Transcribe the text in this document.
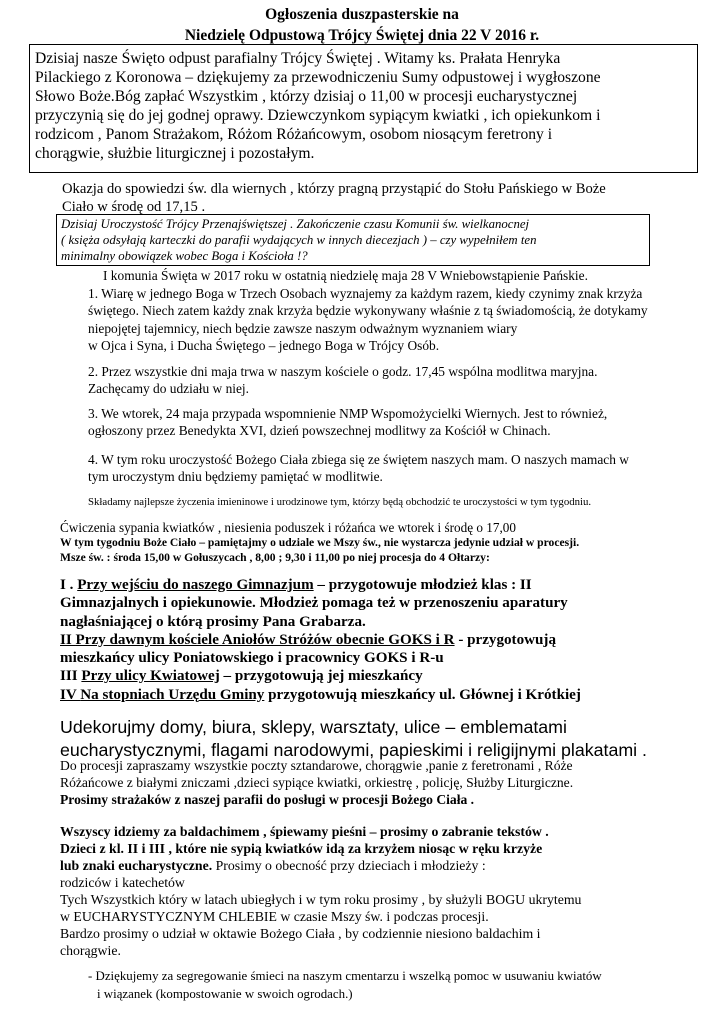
Ogłoszenia duszpasterskie na
Niedzielę Odpustową Trójcy Świętej dnia 22 V 2016 r.
Dzisiaj nasze Święto odpust parafialny Trójcy Świętej . Witamy ks. Prałata Henryka
Pilackiego z Koronowa – dziękujemy za przewodniczeniu Sumy odpustowej i wygłoszone
Słowo Boże.Bóg zapłać Wszystkim , którzy dzisiaj o 11,00 w procesji eucharystycznej
przyczynią się do jej godnej oprawy. Dziewczynkom sypiącym kwiatki , ich opiekunkom i
rodzicom , Panom Strażakom, Różom Różańcowym, osobom niosącym feretrony i
chorągwie, służbie liturgicznej i pozostałym.
Okazja do spowiedzi św. dla wiernych , którzy pragną przystąpić do Stołu Pańskiego w Boże
Ciało w środę od 17,15 .
Dzisiaj Uroczystość Trójcy Przenajświętszej . Zakończenie czasu Komunii św. wielkanocnej
( księża odsyłają karteczki do parafii wydających w innych diecezjach ) – czy wypełniłem ten
minimalny obowiązek wobec Boga i Kościoła !?
I komunia Święta w 2017 roku w ostatnią niedzielę maja 28 V Wniebowstąpienie Pańskie.
1. Wiarę w jednego Boga w Trzech Osobach wyznajemy za każdym razem, kiedy czynimy znak krzyża
świętego. Niech zatem każdy znak krzyża będzie wykonywany właśnie z tą świadomością, że dotykamy
niepojętej tajemnicy, niech będzie zawsze naszym odważnym wyznaniem wiary
w Ojca i Syna, i Ducha Świętego – jednego Boga w Trójcy Osób.
2. Przez wszystkie dni maja trwa w naszym kościele o godz. 17,45 wspólna modlitwa maryjna.
Zachęcamy do udziału w niej.
3. We wtorek, 24 maja przypada wspomnienie NMP Wspomożycielki Wiernych. Jest to również,
ogłoszony przez Benedykta XVI, dzień powszechnej modlitwy za Kościół w Chinach.
4. W tym roku uroczystość Bożego Ciała zbiega się ze świętem naszych mam. O naszych mamach w
tym uroczystym dniu będziemy pamiętać w modlitwie.
Składamy najlepsze życzenia imieninowe i urodzinowe tym, którzy będą obchodzić te uroczystości w tym tygodniu.
Ćwiczenia sypania kwiatków , niesienia poduszek i różańca we wtorek i środę o 17,00
W tym tygodniu Boże Ciało – pamiętajmy o udziale we Mszy św., nie wystarcza jedynie udział w procesji.
Msze św. : środa 15,00 w Gołuszycach , 8,00 ; 9,30 i 11,00 po niej procesja do 4 Ołtarzy:

I . Przy wejściu do naszego Gimnazjum – przygotowuje młodzież klas : II

Gimnazjalnych i opiekunowie. Młodzież pomaga też w przenoszeniu aparatury

nagłaśniającej o którą prosimy Pana Grabarza.

II Przy dawnym kościele Aniołów Stróżów obecnie GOKS i R - przygotowują

mieszkańcy ulicy Poniatowskiego i pracownicy GOKS i R-u

III Przy ulicy Kwiatowej – przygotowują jej mieszkańcy

IV Na stopniach Urzędu Gminy przygotowują mieszkańcy ul. Głównej i Krótkiej

Udekorujmy domy, biura, sklepy, warsztaty, ulice – emblematami
eucharystycznymi, flagami narodowymi, papieskimi i religijnymi plakatami .
Do procesji zapraszamy wszystkie poczty sztandarowe, chorągwie ,panie z feretronami , Róże
Różańcowe z białymi zniczami ,dzieci sypiące kwiatki, orkiestrę , policję, Służby Liturgiczne.
Prosimy strażaków z naszej parafii do posługi w procesji Bożego Ciała .

Wszyscy idziemy za baldachimem , śpiewamy pieśni – prosimy o zabranie tekstów .

Dzieci z kl. II i III , które nie sypią kwiatków idą za krzyżem niosąc w ręku krzyże

lub znaki eucharystyczne. Prosimy o obecność przy dzieciach i młodzieży :

rodziców i katechetów

Tych Wszystkich który w latach ubiegłych i w tym roku prosimy , by służyli BOGU ukrytemu

w EUCHARYSTYCZNYM CHLEBIE w czasie Mszy św. i podczas procesji.

Bardzo prosimy o udział w oktawie Bożego Ciała , by codziennie niesiono baldachim i

chorągwie.

- Dziękujemy za segregowanie śmieci na naszym cmentarzu i wszelką pomoc w usuwaniu kwiatów
i wiązanek (kompostowanie w swoich ogrodach.)
